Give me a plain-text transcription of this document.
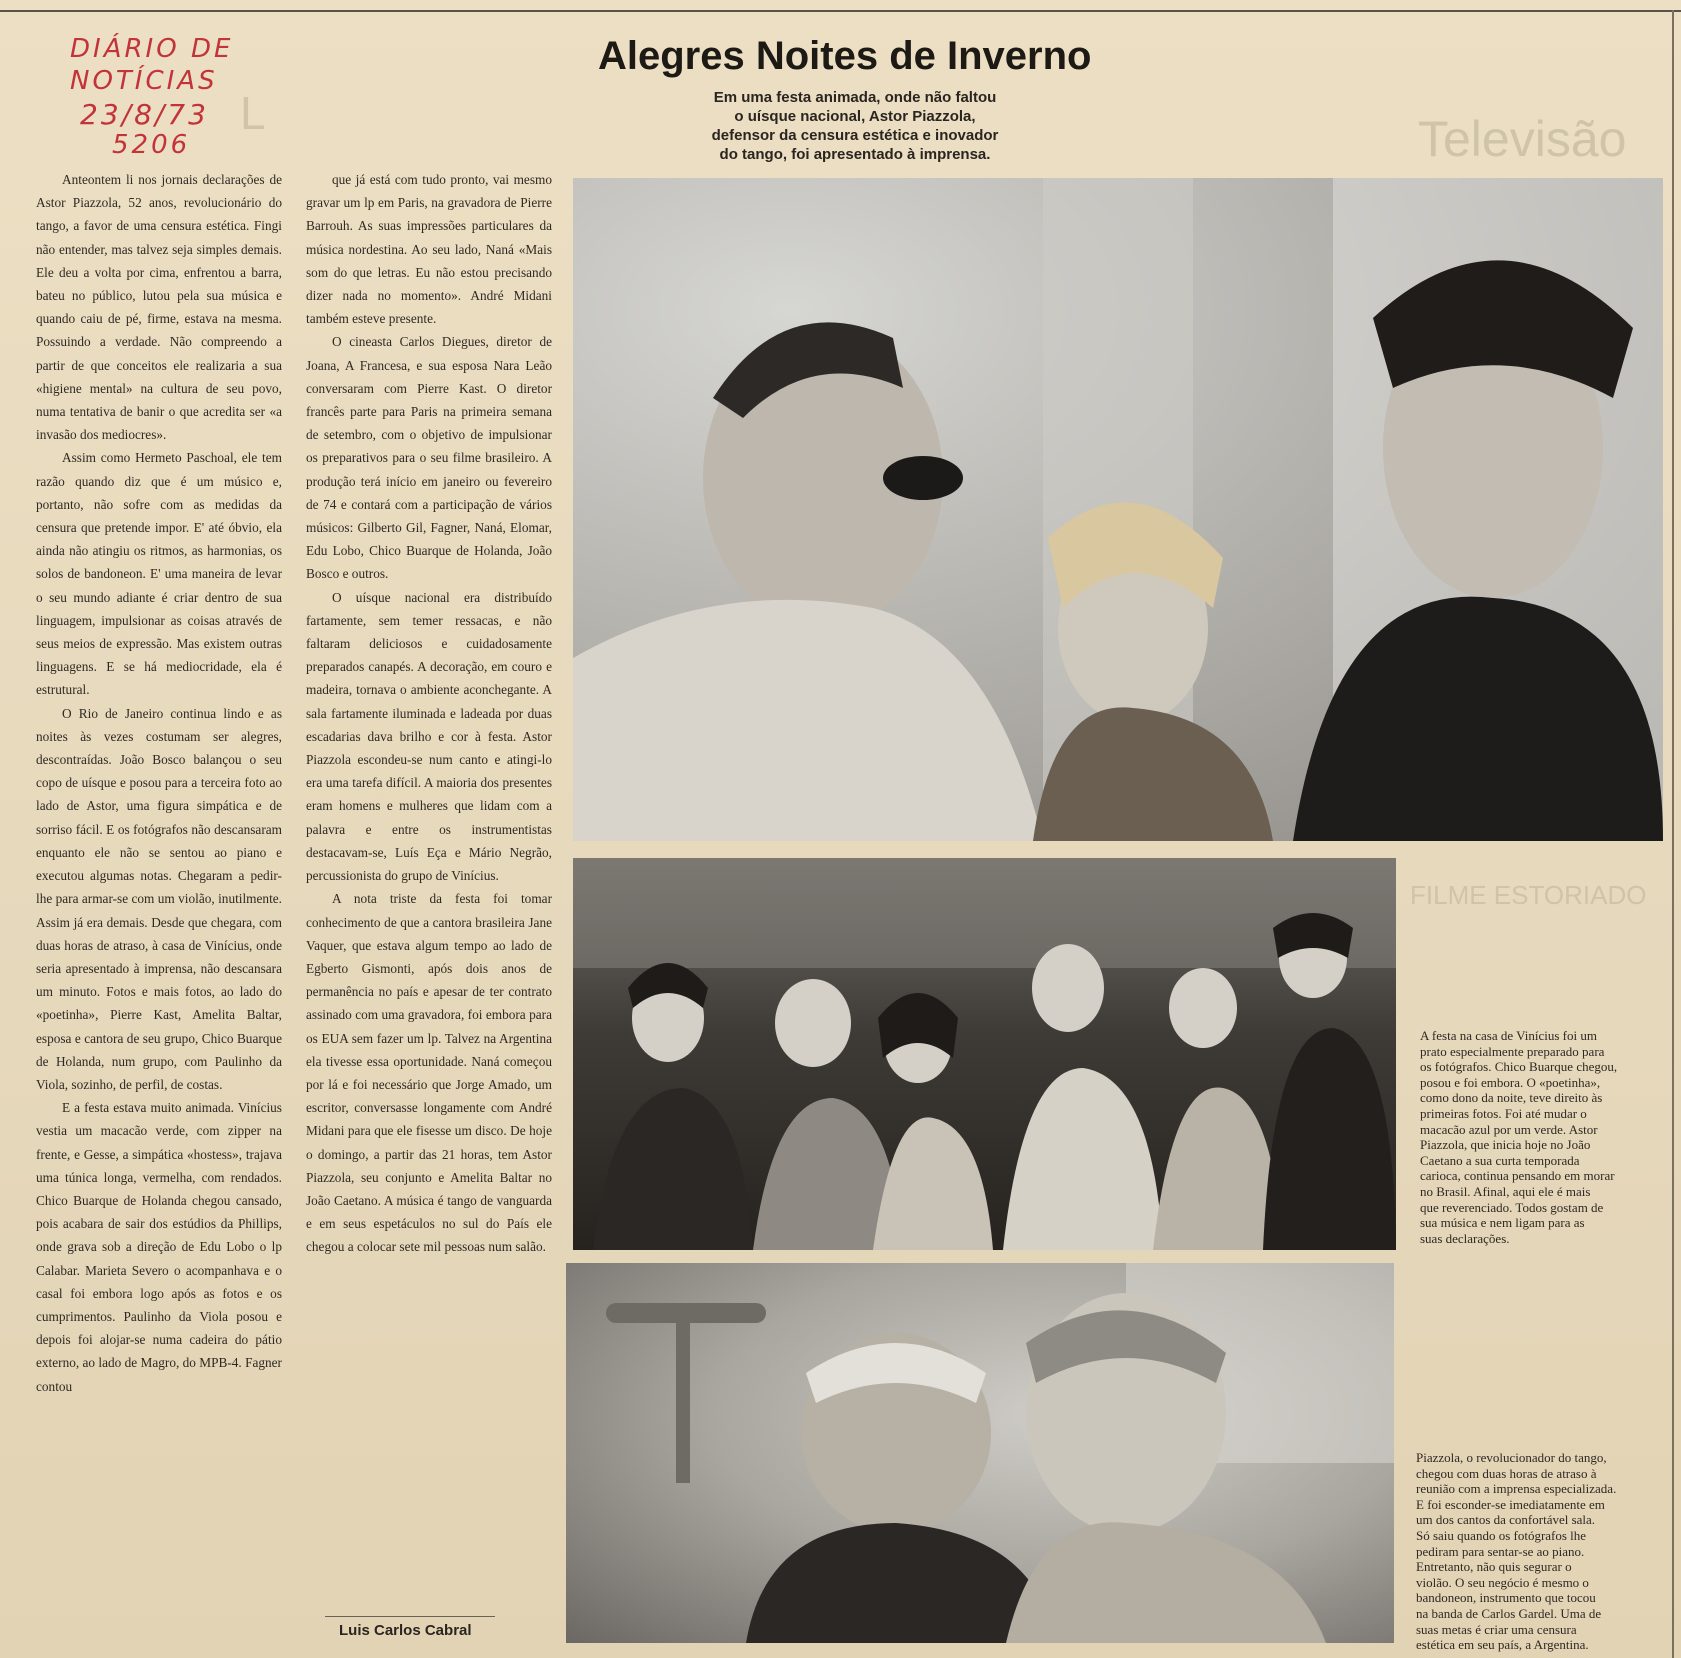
Televisão
L
FILME ESTORIADO
DIÁRIO DE
NOTÍCIAS
23/8/73
5206
Alegres Noites de Inverno
Em uma festa animada, onde não faltou
o uísque nacional, Astor Piazzola,
defensor da censura estética e inovador
do tango, foi apresentado à imprensa.

Anteontem li nos jornais declarações de Astor Piazzola, 52 anos, revolucionário do tango, a favor de uma censura estética. Fingi não entender, mas talvez seja simples demais. Ele deu a volta por cima, enfrentou a barra, bateu no público, lutou pela sua música e quando caiu de pé, firme, estava na mesma. Possuindo a verdade. Não compreendo a partir de que conceitos ele realizaria a sua «higiene mental» na cultura de seu povo, numa tentativa de banir o que acredita ser «a invasão dos mediocres».

Assim como Hermeto Paschoal, ele tem razão quando diz que é um músico e, portanto, não sofre com as medidas da censura que pretende impor. E' até óbvio, ela ainda não atingiu os ritmos, as harmonias, os solos de bandoneon. E' uma maneira de levar o seu mundo adiante é criar dentro de sua linguagem, impulsionar as coisas através de seus meios de expressão. Mas existem outras linguagens. E se há mediocridade, ela é estrutural.

O Rio de Janeiro continua lindo e as noites às vezes costumam ser alegres, descontraídas. João Bosco balançou o seu copo de uísque e posou para a terceira foto ao lado de Astor, uma figura simpática e de sorriso fácil. E os fotógrafos não descansaram enquanto ele não se sentou ao piano e executou algumas notas. Chegaram a pedir-lhe para armar-se com um violão, inutilmente. Assim já era demais. Desde que chegara, com duas horas de atraso, à casa de Vinícius, onde seria apresentado à imprensa, não descansara um minuto. Fotos e mais fotos, ao lado do «poetinha», Pierre Kast, Amelita Baltar, esposa e cantora de seu grupo, Chico Buarque de Holanda, num grupo, com Paulinho da Viola, sozinho, de perfil, de costas.

E a festa estava muito animada. Vinícius vestia um macacão verde, com zipper na frente, e Gesse, a simpática «hostess», trajava uma túnica longa, vermelha, com rendados. Chico Buarque de Holanda chegou cansado, pois acabara de sair dos estúdios da Phillips, onde grava sob a direção de Edu Lobo o lp Calabar. Marieta Severo o acompanhava e o casal foi embora logo após as fotos e os cumprimentos. Paulinho da Viola posou e depois foi alojar-se numa cadeira do pátio externo, ao lado de Magro, do MPB-4. Fagner contou

que já está com tudo pronto, vai mesmo gravar um lp em Paris, na gravadora de Pierre Barrouh. As suas impressões particulares da música nordestina. Ao seu lado, Naná «Mais som do que letras. Eu não estou precisando dizer nada no momento». André Midani também esteve presente.

O cineasta Carlos Diegues, diretor de Joana, A Francesa, e sua esposa Nara Leão conversaram com Pierre Kast. O diretor francês parte para Paris na primeira semana de setembro, com o objetivo de impulsionar os preparativos para o seu filme brasileiro. A produção terá início em janeiro ou fevereiro de 74 e contará com a participação de vários músicos: Gilberto Gil, Fagner, Naná, Elomar, Edu Lobo, Chico Buarque de Holanda, João Bosco e outros.

O uísque nacional era distribuído fartamente, sem temer ressacas, e não faltaram deliciosos e cuidadosamente preparados canapés. A decoração, em couro e madeira, tornava o ambiente aconchegante. A sala fartamente iluminada e ladeada por duas escadarias dava brilho e cor à festa. Astor Piazzola escondeu-se num canto e atingi-lo era uma tarefa difícil. A maioria dos presentes eram homens e mulheres que lidam com a palavra e entre os instrumentistas destacavam-se, Luís Eça e Mário Negrão, percussionista do grupo de Vinícius.

A nota triste da festa foi tomar conhecimento de que a cantora brasileira Jane Vaquer, que estava algum tempo ao lado de Egberto Gismonti, após dois anos de permanência no país e apesar de ter contrato assinado com uma gravadora, foi embora para os EUA sem fazer um lp. Talvez na Argentina ela tivesse essa oportunidade. Naná começou por lá e foi necessário que Jorge Amado, um escritor, conversasse longamente com André Midani para que ele fisesse um disco. De hoje o domingo, a partir das 21 horas, tem Astor Piazzola, seu conjunto e Amelita Baltar no João Caetano. A música é tango de vanguarda e em seus espetáculos no sul do País ele chegou a colocar sete mil pessoas num salão.

Luis Carlos Cabral
A festa na casa de Vinícius foi um
prato especialmente preparado para
os fotógrafos. Chico Buarque chegou,
posou e foi embora. O «poetinha»,
como dono da noite, teve direito às
primeiras fotos. Foi até mudar o
macacão azul por um verde. Astor
Piazzola, que inicia hoje no João
Caetano a sua curta temporada
carioca, continua pensando em morar
no Brasil. Afinal, aqui ele é mais
que reverenciado. Todos gostam de
sua música e nem ligam para as
suas declarações.
Piazzola, o revolucionador do tango,
chegou com duas horas de atraso à
reunião com a imprensa especializada.
E foi esconder-se imediatamente em
um dos cantos da confortável sala.
Só saiu quando os fotógrafos lhe
pediram para sentar-se ao piano.
Entretanto, não quis segurar o
violão. O seu negócio é mesmo o
bandoneon, instrumento que tocou
na banda de Carlos Gardel. Uma de
suas metas é criar uma censura
estética em seu país, a Argentina.
